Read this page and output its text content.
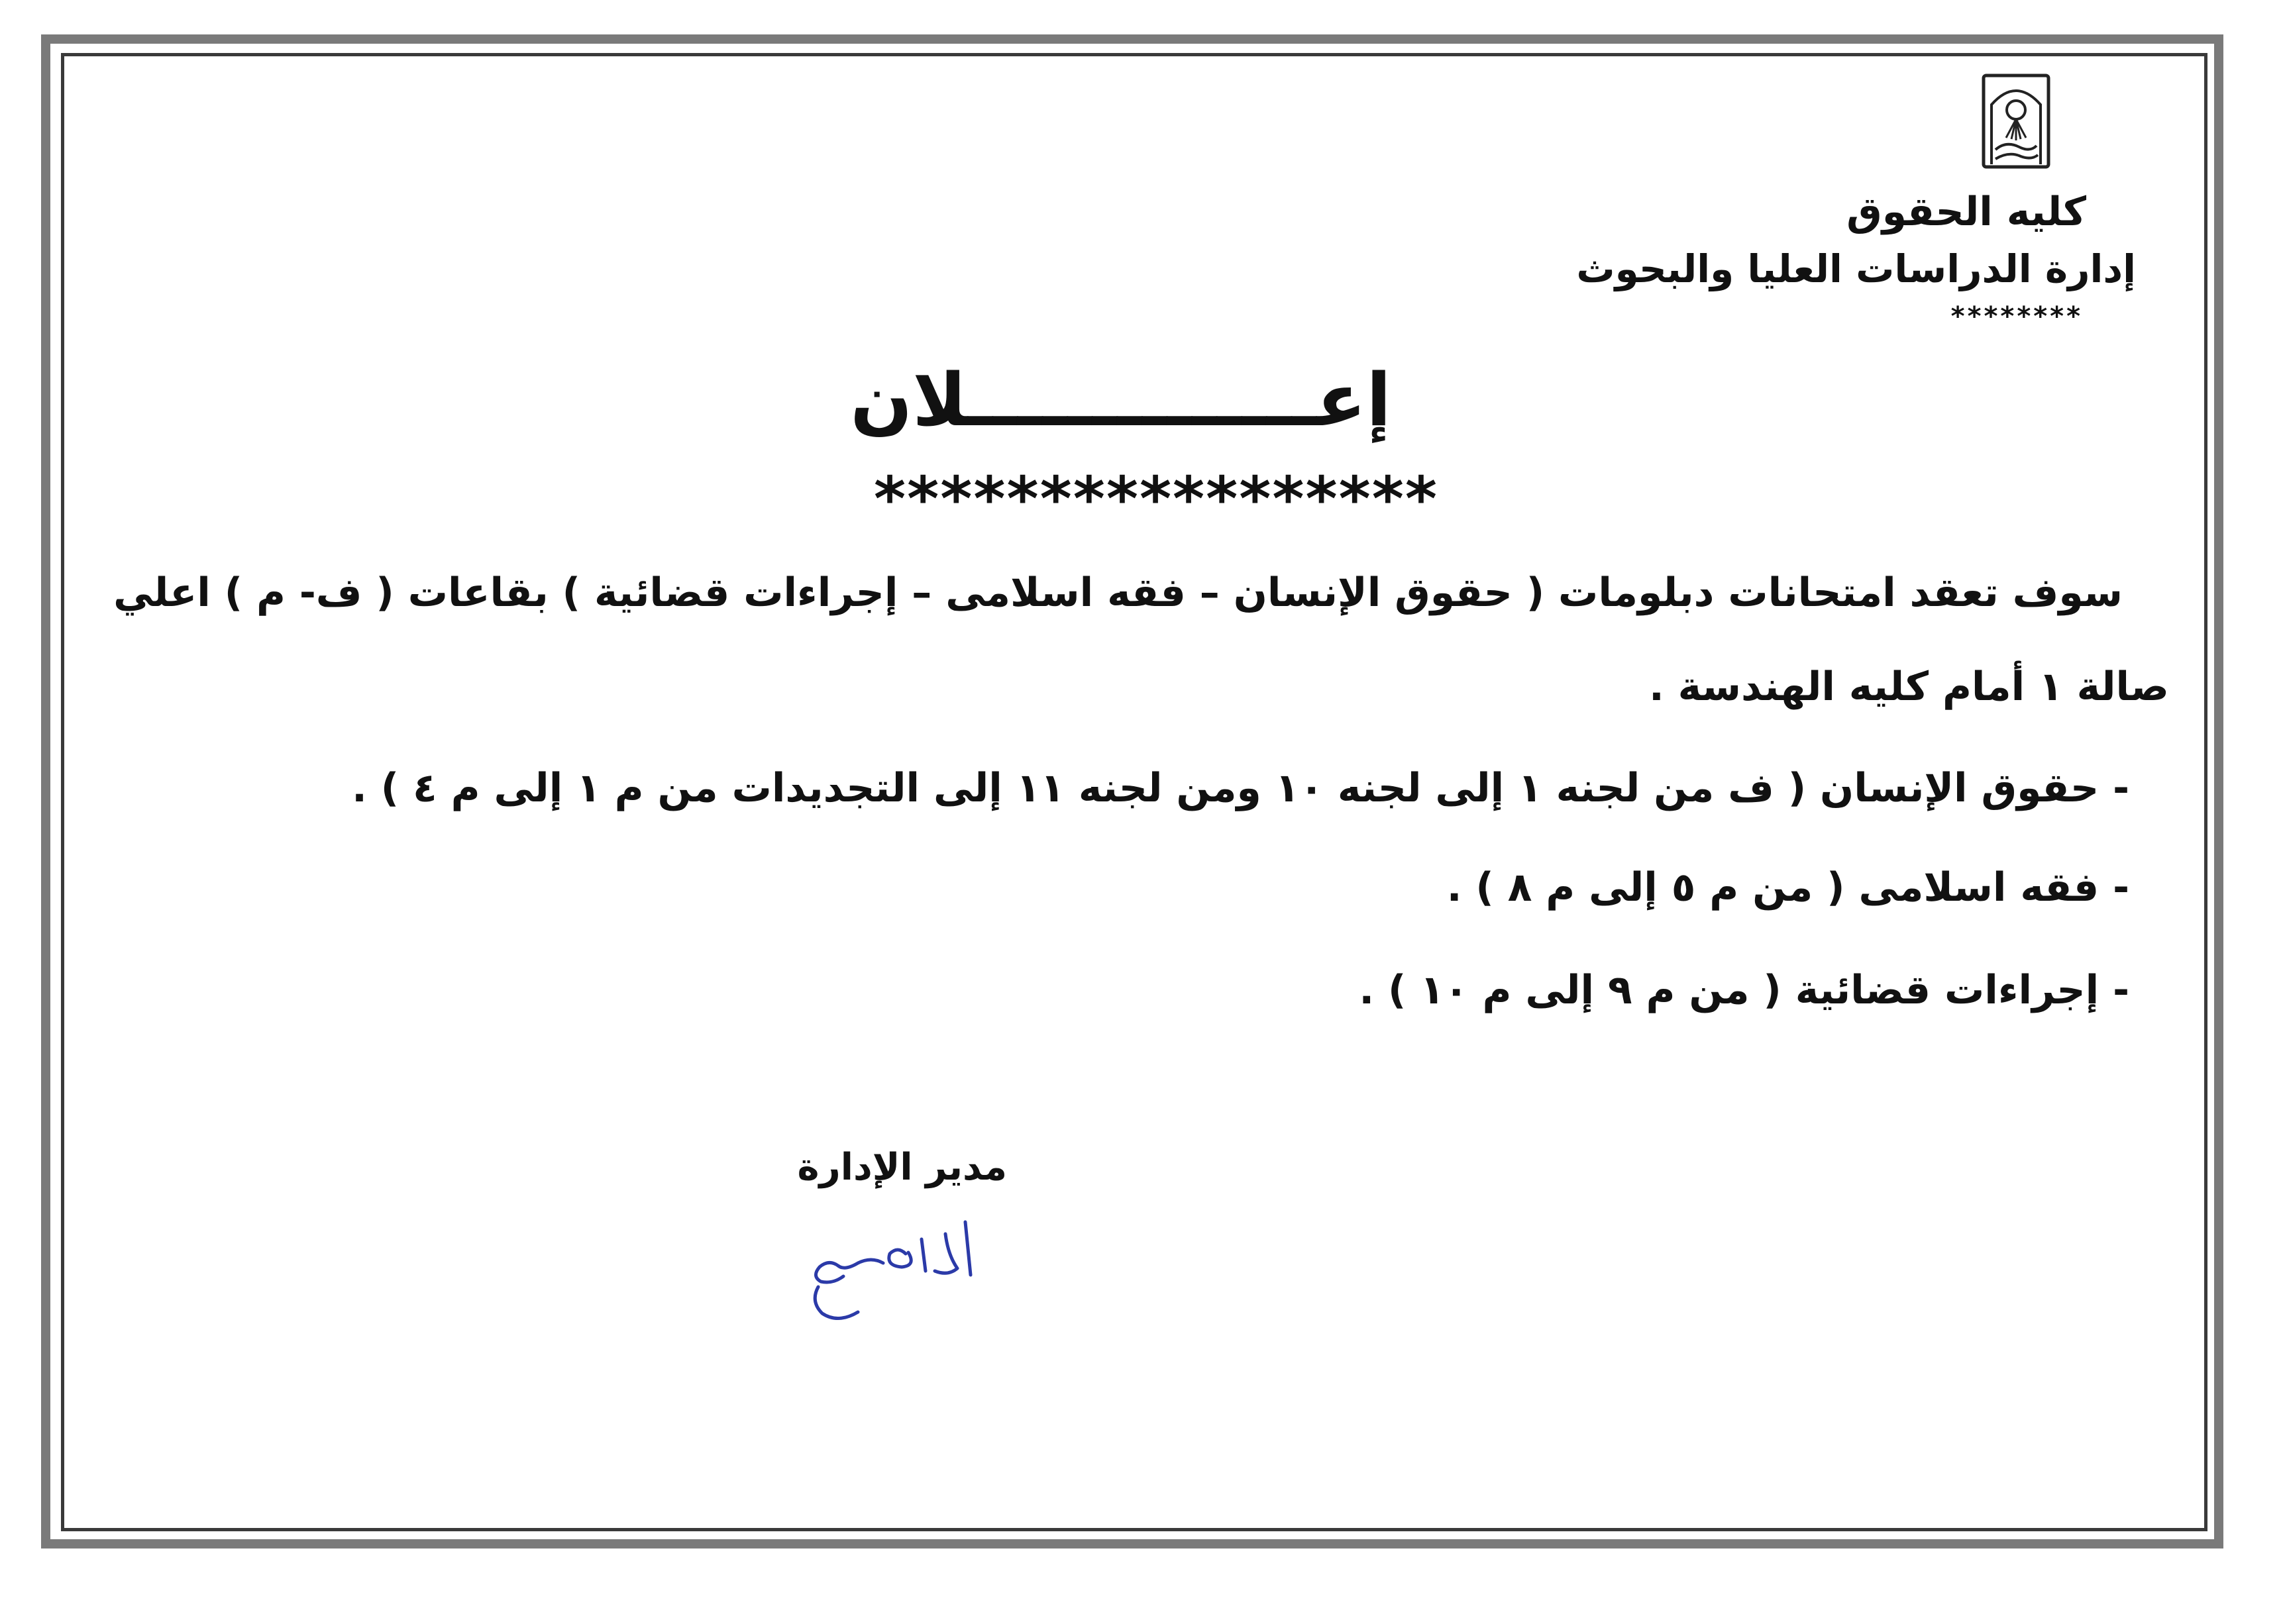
كليه الحقوق
إدارة الدراسات العليا والبحوث
********
إعــــــــــــــلان
*****************
سوف تعقد امتحانات دبلومات ( حقوق الإنسان – فقه اسلامى – إجراءات قضائية ) بقاعات ( ف- م ) اعلي
صالة ١ أمام كليه الهندسة .
- حقوق الإنسان ( ف من لجنه ١ إلى لجنه ١٠ ومن لجنه ١١ إلى التجديدات من م ١ إلى م ٤ ) .
- فقه اسلامى ( من م ٥ إلى م ٨ ) .
- إجراءات قضائية ( من م ٩ إلى م ١٠ ) .
مدير الإدارة
